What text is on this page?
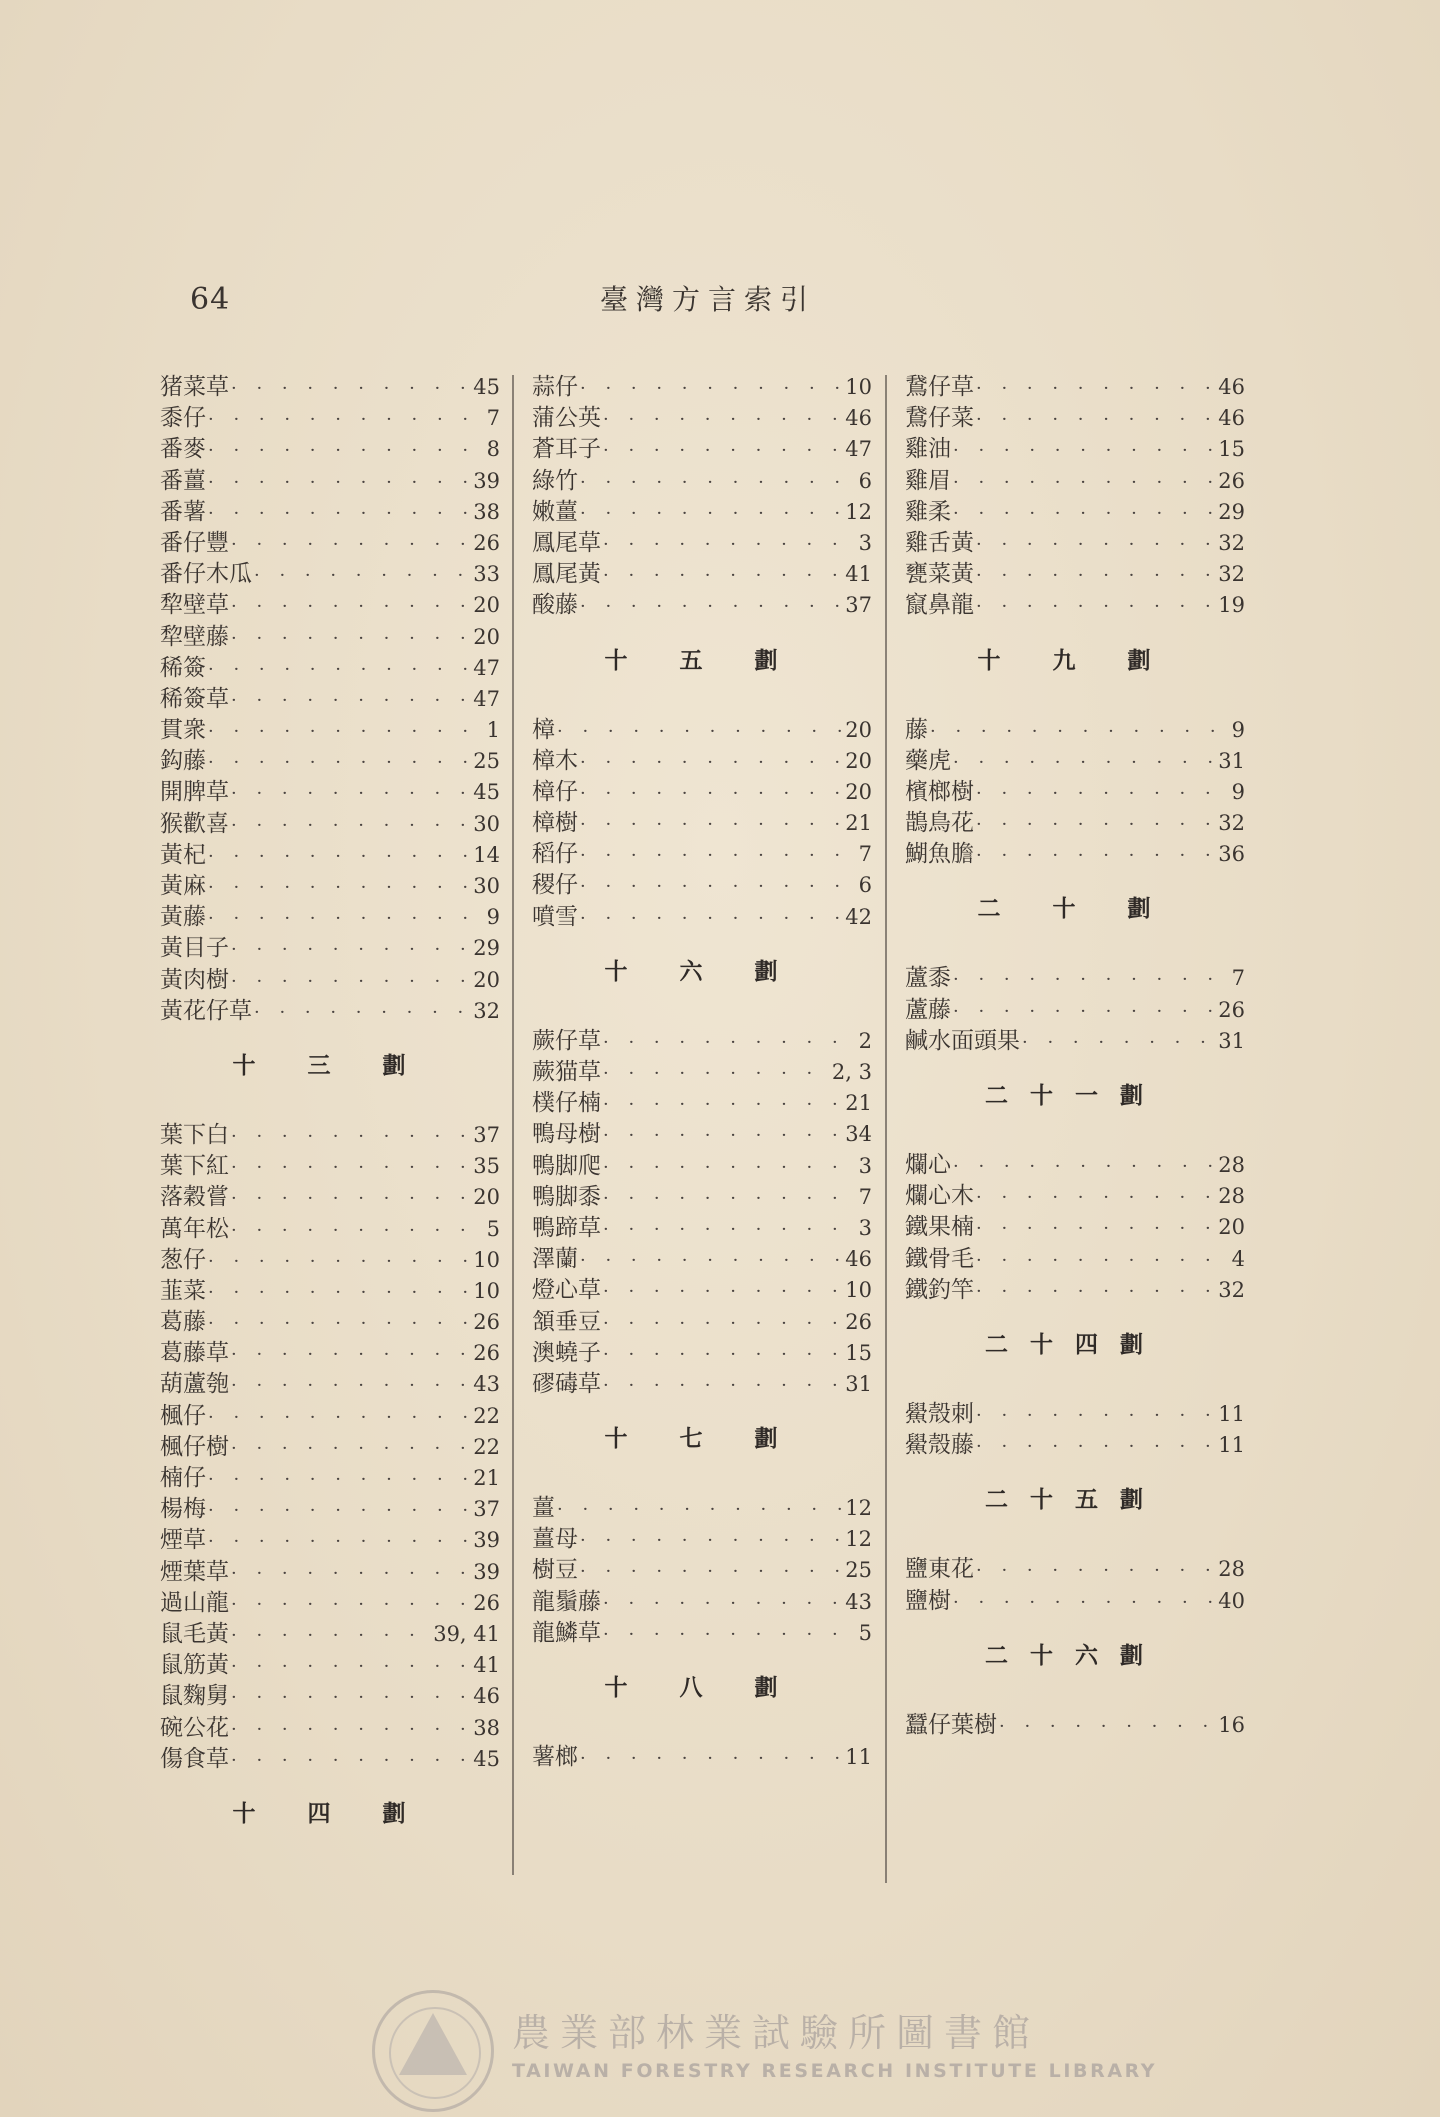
64	臺灣方言索引
猪菜草 · · ·	45
黍仔 · · ·	7
番麥 · · ·	8
番薑 · · ·	39
番薯 · · ·	38
番仔豐 · · ·	26
番仔木瓜 · · ·	33
犂壁草 · · ·	20
犂壁藤 · · ·	20
稀簽 · · ·	47
稀簽草 · · ·	47
貫衆 · · ·	1
鈎藤 · · ·	25
開脾草 · · ·	45
猴歡喜 · · ·	30
黃杞 · · ·	14
黃麻 · · ·	30
黃藤 · · ·	9
黃目子 · · ·	29
黃肉樹 · · ·	20
黃花仔草 · · ·	32
十 三 劃
葉下白 · · ·	37
葉下紅 · · ·	35
落穀嘗 · · ·	20
萬年松 · · ·	5
葱仔 · · ·	10
韮菜 · · ·	10
葛藤 · · ·	26
葛藤草 · · ·	26
葫蘆匏 · · ·	43
楓仔 · · ·	22
楓仔樹 · · ·	22
楠仔 · · ·	21
楊梅 · · ·	37
煙草 · · ·	39
煙葉草 · · ·	39
過山龍 · · ·	26
鼠毛黃 · · ·	39, 41
鼠筋黃 · · ·	41
鼠麴舅 · · ·	46
碗公花 · · ·	38
傷食草 · · ·	45
十 四 劃
蒜仔 · · ·	10
蒲公英 · · ·	46
蒼耳子 · · ·	47
綠竹 · · ·	6
嫩薑 · · ·	12
鳳尾草 · · ·	3
鳳尾黃 · · ·	41
酸藤 · · ·	37
十 五 劃
樟 · · ·	20
樟木 · · ·	20
樟仔 · · ·	20
樟樹 · · ·	21
稻仔 · · ·	7
稷仔 · · ·	6
噴雪 · · ·	42
十 六 劃
蕨仔草 · · ·	2
蕨猫草 · · ·	2, 3
樸仔楠 · · ·	21
鴨母樹 · · ·	34
鴨脚爬 · · ·	3
鴨脚黍 · · ·	7
鴨蹄草 · · ·	3
澤蘭 · · ·	46
燈心草 · · ·	10
頷垂豆 · · ·	26
澳蟯子 · · ·	15
磟碡草 · · ·	31
十 七 劃
薑 · · ·	12
薑母 · · ·	12
樹豆 · · ·	25
龍鬚藤 · · ·	43
龍鱗草 · · ·	5
十 八 劃
薯榔 · · ·	11
鵞仔草 · · ·	46
鵞仔菜 · · ·	46
雞油 · · ·	15
雞眉 · · ·	26
雞柔 · · ·	29
雞舌黃 · · ·	32
甕菜黃 · · ·	32
竄鼻龍 · · ·	19
十 九 劃
藤 · · ·	9
藥虎 · · ·	31
檳榔樹 · · ·	9
鵲鳥花 · · ·	32
鰗魚膽 · · ·	36
二 十 劃
蘆黍 · · ·	7
蘆藤 · · ·	26
鹹水面頭果 · · ·	31
二十一劃
爛心 · · ·	28
爛心木 · · ·	28
鐵果楠 · · ·	20
鐵骨毛 · · ·	4
鐵釣竿 · · ·	32
二十四劃
鱟殼刺 · · ·	11
鱟殼藤 · · ·	11
二十五劃
鹽東花 · · ·	28
鹽樹 · · ·	40
二十六劃
蠶仔葉樹 · · ·	16
農業部林業試驗所圖書館
TAIWAN FORESTRY RESEARCH INSTITUTE LIBRARY
